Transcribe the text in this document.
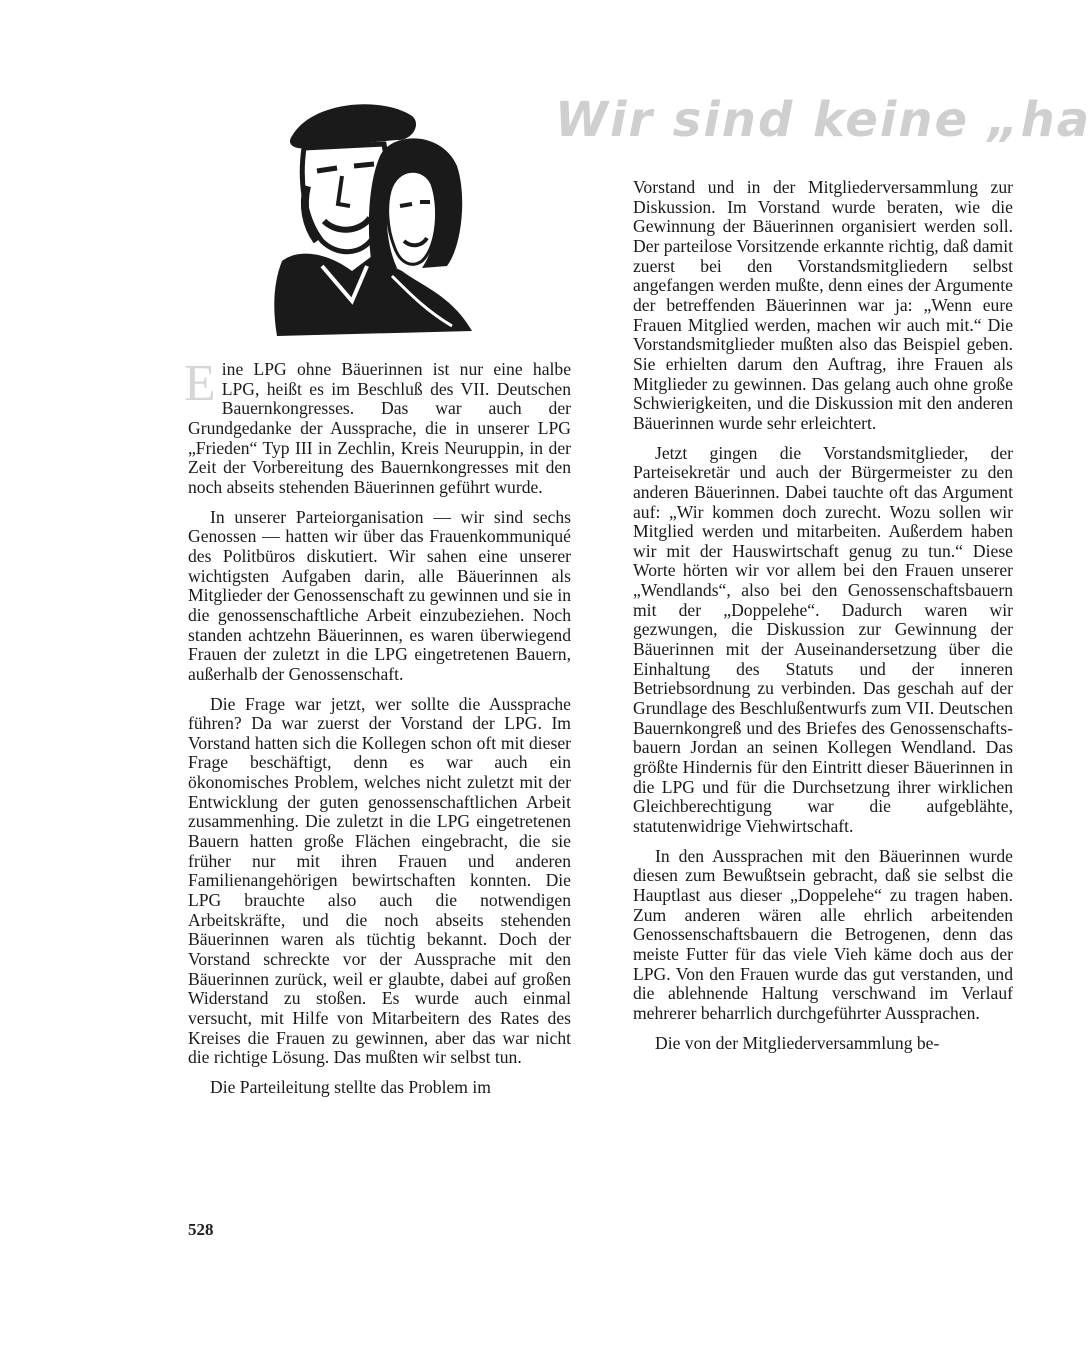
Wir sind keine „ha

Eine LPG ohne Bäuerinnen ist nur eine halbe LPG, heißt es im Beschluß des VII. Deutschen Bauernkongresses. Das war auch der Grundgedanke der Aussprache, die in unserer LPG „Frieden“ Typ III in Zechlin, Kreis Neuruppin, in der Zeit der Vorbereitung des Bauernkongresses mit den noch abseits stehenden Bäuerinnen geführt wurde.

In unserer Parteiorganisation — wir sind sechs Genossen — hatten wir über das Frauenkommuniqué des Politbüros diskutiert. Wir sahen eine unserer wichtigsten Aufgaben darin, alle Bäuerinnen als Mitglieder der Genossenschaft zu gewinnen und sie in die genossenschaftliche Arbeit einzubeziehen. Noch standen achtzehn Bäuerinnen, es waren überwiegend Frauen der zuletzt in die LPG eingetretenen Bauern, außerhalb der Genossenschaft.

Die Frage war jetzt, wer sollte die Aussprache führen? Da war zuerst der Vorstand der LPG. Im Vorstand hatten sich die Kollegen schon oft mit dieser Frage beschäftigt, denn es war auch ein ökonomisches Problem, welches nicht zuletzt mit der Entwicklung der guten genossenschaftlichen Arbeit zusammenhing. Die zuletzt in die LPG eingetretenen Bauern hatten große Flächen eingebracht, die sie früher nur mit ihren Frauen und anderen Familienangehörigen bewirtschaften konnten. Die LPG brauchte also auch die notwendigen Arbeitskräfte, und die noch abseits stehenden Bäuerinnen waren als tüchtig bekannt. Doch der Vorstand schreckte vor der Aussprache mit den Bäuerinnen zurück, weil er glaubte, dabei auf großen Widerstand zu stoßen. Es wurde auch einmal versucht, mit Hilfe von Mitarbeitern des Rates des Kreises die Frauen zu gewinnen, aber das war nicht die richtige Lösung. Das mußten wir selbst tun.

Die Parteileitung stellte das Problem im

Vorstand und in der Mitgliederversammlung zur Diskussion. Im Vorstand wurde beraten, wie die Gewinnung der Bäuerinnen organisiert werden soll. Der parteilose Vorsitzende erkannte richtig, daß damit zuerst bei den Vorstandsmitgliedern selbst angefangen werden mußte, denn eines der Argumente der betreffenden Bäuerinnen war ja: „Wenn eure Frauen Mitglied werden, machen wir auch mit.“ Die Vorstandsmitglieder mußten also das Beispiel geben. Sie erhielten darum den Auftrag, ihre Frauen als Mitglieder zu gewinnen. Das gelang auch ohne große Schwierigkeiten, und die Diskussion mit den anderen Bäuerinnen wurde sehr erleichtert.

Jetzt gingen die Vorstandsmitglieder, der Parteisekretär und auch der Bürgermeister zu den anderen Bäuerinnen. Dabei tauchte oft das Argument auf: „Wir kommen doch zurecht. Wozu sollen wir Mitglied werden und mitarbeiten. Außerdem haben wir mit der Hauswirtschaft genug zu tun.“ Diese Worte hörten wir vor allem bei den Frauen unserer „Wendlands“, also bei den Genossenschaftsbauern mit der „Doppelehe“. Dadurch waren wir gezwungen, die Diskussion zur Gewinnung der Bäuerinnen mit der Auseinandersetzung über die Einhaltung des Statuts und der inneren Betriebsordnung zu verbinden. Das geschah auf der Grundlage des Beschlußentwurfs zum VII. Deutschen Bauernkongreß und des Briefes des Genossenschaftsbauern Jordan an seinen Kollegen Wendland. Das größte Hindernis für den Eintritt dieser Bäuerinnen in die LPG und für die Durchsetzung ihrer wirklichen Gleichberechtigung war die aufgeblähte, statutenwidrige Viehwirtschaft.

In den Aussprachen mit den Bäuerinnen wurde diesen zum Bewußtsein gebracht, daß sie selbst die Hauptlast aus dieser „Doppelehe“ zu tragen haben. Zum anderen wären alle ehrlich arbeitenden Genossenschaftsbauern die Betrogenen, denn das meiste Futter für das viele Vieh käme doch aus der LPG. Von den Frauen wurde das gut verstanden, und die ablehnende Haltung verschwand im Verlauf mehrerer beharrlich durchgeführter Aussprachen.

Die von der Mitgliederversammlung be-

528
